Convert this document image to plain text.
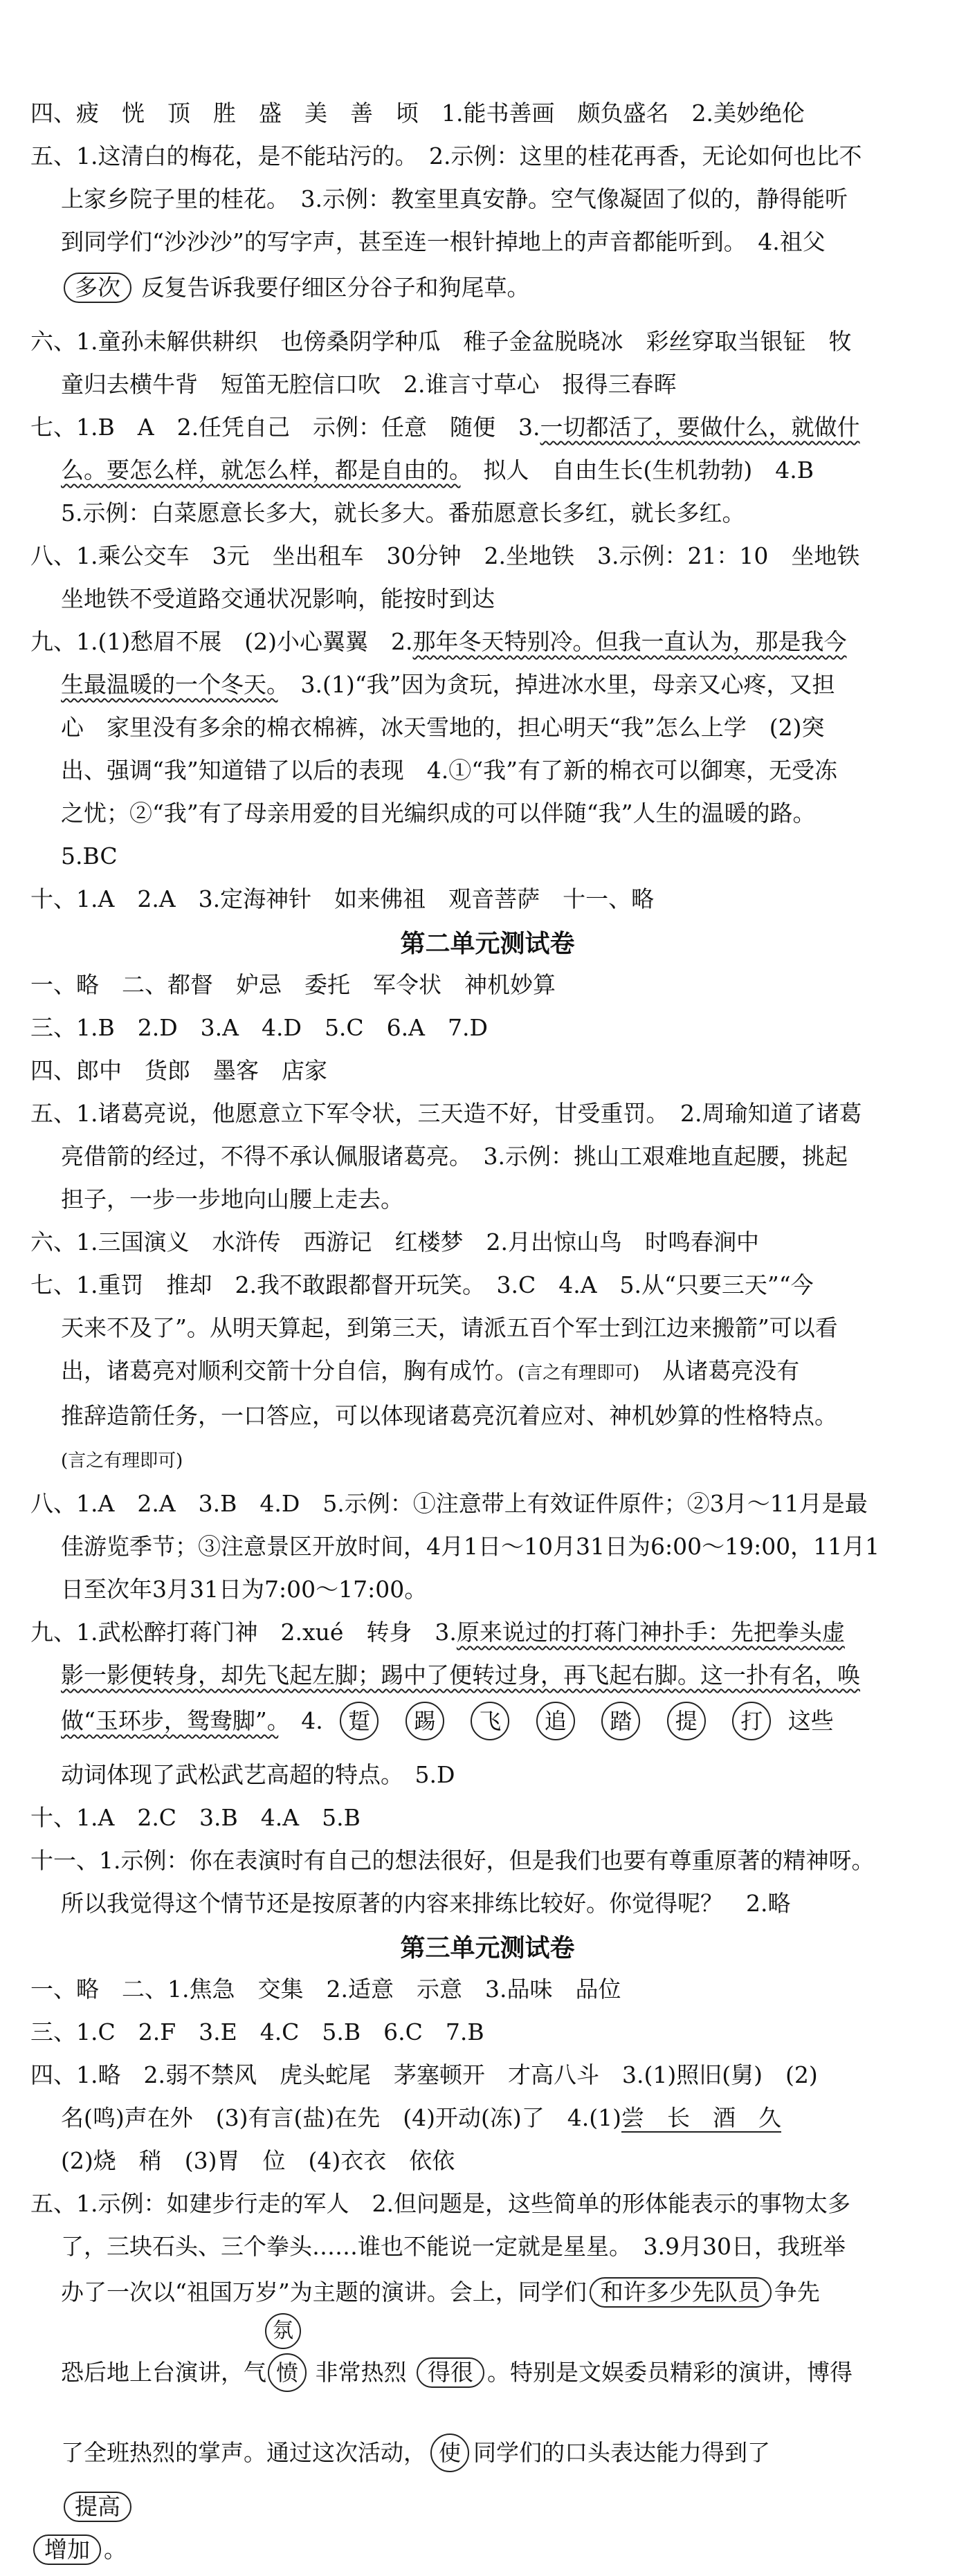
四、疲　恍　顶　胜　盛　美　善　顷　1.能书善画　颇负盛名　2.美妙绝伦

五、1.这清白的梅花，是不能玷污的。　2.示例：这里的桂花再香，无论如何也比不

上家乡院子里的桂花。　3.示例：教室里真安静。空气像凝固了似的，静得能听

到同学们“沙沙沙”的写字声，甚至连一根针掉地上的声音都能听到。　4.祖父

多次 反复告诉我要仔细区分谷子和狗尾草。

六、1.童孙未解供耕织　也傍桑阴学种瓜　稚子金盆脱晓冰　彩丝穿取当银钲　牧

童归去横牛背　短笛无腔信口吹　2.谁言寸草心　报得三春晖

七、1.B　A　2.任凭自己　示例：任意　随便　3.一切都活了，要做什么，就做什

么。要怎么样，就怎么样，都是自由的。　拟人　自由生长(生机勃勃)　4.B

5.示例：白菜愿意长多大，就长多大。番茄愿意长多红，就长多红。

八、1.乘公交车　3元　坐出租车　30分钟　2.坐地铁　3.示例：21：10　坐地铁

坐地铁不受道路交通状况影响，能按时到达

九、1.(1)愁眉不展　(2)小心翼翼　2.那年冬天特别冷。但我一直认为，那是我今

生最温暖的一个冬天。　3.(1)“我”因为贪玩，掉进冰水里，母亲又心疼，又担

心　家里没有多余的棉衣棉裤，冰天雪地的，担心明天“我”怎么上学　(2)突

出、强调“我”知道错了以后的表现　4.①“我”有了新的棉衣可以御寒，无受冻

之忧；②“我”有了母亲用爱的目光编织成的可以伴随“我”人生的温暖的路。

5.BC

十、1.A　2.A　3.定海神针　如来佛祖　观音菩萨　十一、略

第二单元测试卷

一、略　二、都督　妒忌　委托　军令状　神机妙算

三、1.B　2.D　3.A　4.D　5.C　6.A　7.D

四、郎中　货郎　墨客　店家

五、1.诸葛亮说，他愿意立下军令状，三天造不好，甘受重罚。　2.周瑜知道了诸葛

亮借箭的经过，不得不承认佩服诸葛亮。　3.示例：挑山工艰难地直起腰，挑起

担子，一步一步地向山腰上走去。

六、1.三国演义　水浒传　西游记　红楼梦　2.月出惊山鸟　时鸣春涧中

七、1.重罚　推却　2.我不敢跟都督开玩笑。　3.C　4.A　5.从“只要三天”“今

天来不及了”。从明天算起，到第三天，请派五百个军士到江边来搬箭”可以看

出，诸葛亮对顺利交箭十分自信，胸有成竹。(言之有理即可)　从诸葛亮没有

推辞造箭任务，一口答应，可以体现诸葛亮沉着应对、神机妙算的性格特点。

(言之有理即可)

八、1.A　2.A　3.B　4.D　5.示例：①注意带上有效证件原件；②3月～11月是最

佳游览季节；③注意景区开放时间，4月1日～10月31日为6:00～19:00，11月1

日至次年3月31日为7:00～17:00。

九、1.武松醉打蒋门神　2.xué　转身　3.原来说过的打蒋门神扑手：先把拳头虚

影一影便转身，却先飞起左脚；踢中了便转过身，再飞起右脚。这一扑有名，唤

做“玉环步，鸳鸯脚”。　4. 踅 踢 飞 追 踏 提 打 这些

动词体现了武松武艺高超的特点。　5.D

十、1.A　2.C　3.B　4.A　5.B

十一、1.示例：你在表演时有自己的想法很好，但是我们也要有尊重原著的精神呀。

所以我觉得这个情节还是按原著的内容来排练比较好。你觉得呢？　2.略

第三单元测试卷

一、略　二、1.焦急　交集　2.适意　示意　3.品味　品位

三、1.C　2.F　3.E　4.C　5.B　6.C　7.B

四、1.略　2.弱不禁风　虎头蛇尾　茅塞顿开　才高八斗　3.(1)照旧(舅)　(2)

名(鸣)声在外　(3)有言(盐)在先　(4)开动(冻)了　4.(1)尝　长　酒　久

(2)烧　稍　(3)胃　位　(4)衣衣　依依

五、1.示例：如建步行走的军人　2.但问题是，这些简单的形体能表示的事物太多

了，三块石头、三个拳头……谁也不能说一定就是星星。　3.9月30日，我班举

办了一次以“祖国万岁”为主题的演讲。会上，同学们 和许多少先队员 争先

恐后地上台演讲，气 愤
氛
非常热烈 得很 。特别是文娱委员精彩的演讲，博得

了全班热烈的掌声。通过这次活动， 使 同学们的口头表达能力得到了

提高

增加 。
